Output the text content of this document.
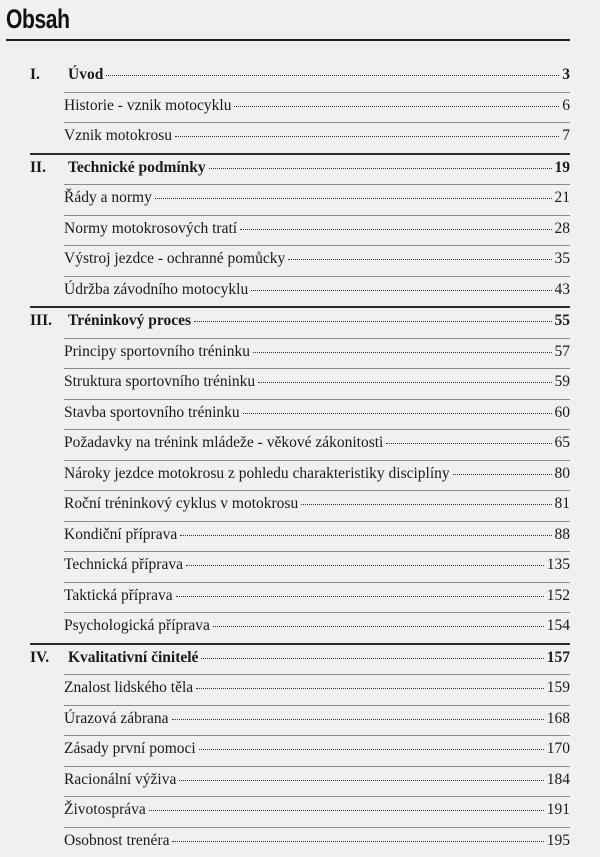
Obsah
I. Úvod	3
Historie - vznik motocyklu	6
Vznik motokrosu	7
II. Technické podmínky	19
Řády a normy	21
Normy motokrosových tratí	28
Výstroj jezdce - ochranné pomůcky	35
Údržba závodního motocyklu	43
III. Tréninkový proces	55
Principy sportovního tréninku	57
Struktura sportovního tréninku	59
Stavba sportovního tréninku	60
Požadavky na trénink mládeže - věkové zákonitosti	65
Nároky jezdce motokrosu z pohledu charakteristiky disciplíny	80
Roční tréninkový cyklus v motokrosu	81
Kondiční příprava	88
Technická příprava	135
Taktická příprava	152
Psychologická příprava	154
IV. Kvalitativní činitelé	157
Znalost lidského těla	159
Úrazová zábrana	168
Zásady první pomoci	170
Racionální výživa	184
Životospráva	191
Osobnost trenéra	195
